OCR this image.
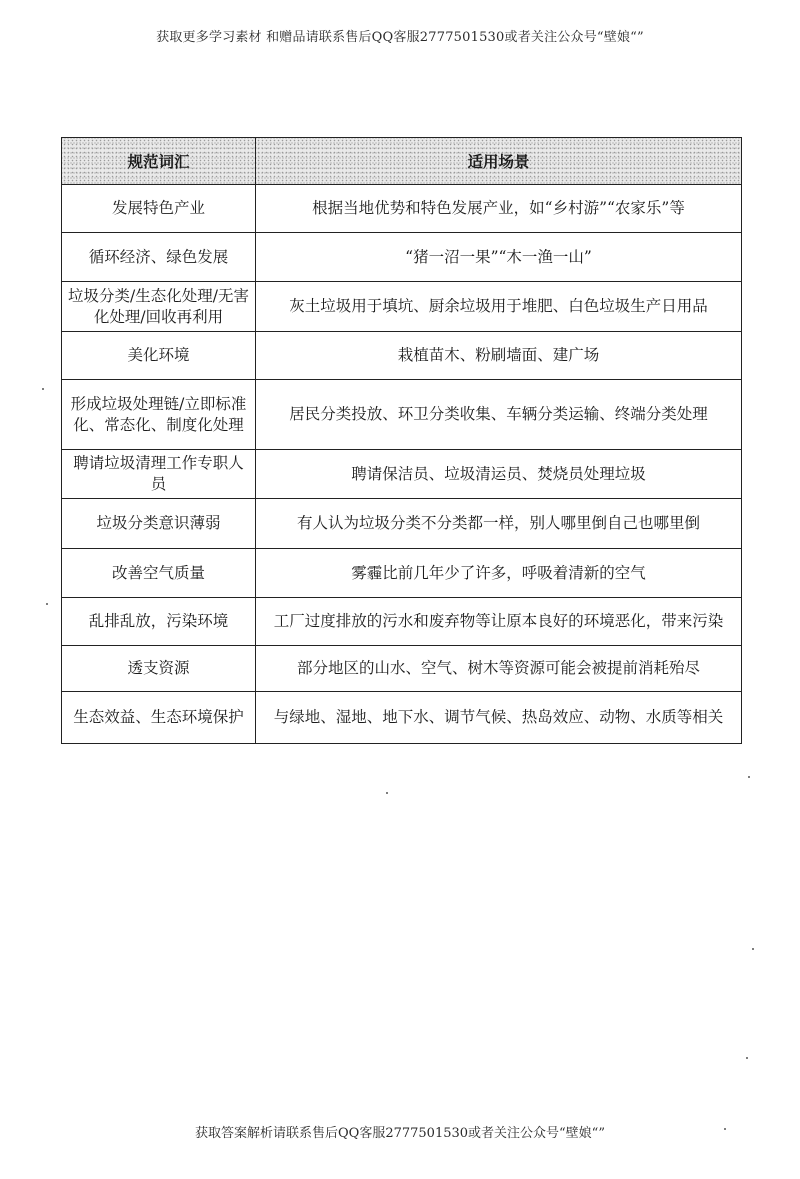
获取更多学习素材 和赠品请联系售后QQ客服2777501530或者关注公众号“壁娘“”
规范词汇	适用场景
发展特色产业	根据当地优势和特色发展产业，如“乡村游”“农家乐”等
循环经济、绿色发展	“猪一沼一果”“木一渔一山”
垃圾分类/生态化处理/无害化处理/回收再利用	灰土垃圾用于填坑、厨余垃圾用于堆肥、白色垃圾生产日用品
美化环境	栽植苗木、粉刷墙面、建广场
形成垃圾处理链/立即标准化、常态化、制度化处理	居民分类投放、环卫分类收集、车辆分类运输、终端分类处理
聘请垃圾清理工作专职人员	聘请保洁员、垃圾清运员、焚烧员处理垃圾
垃圾分类意识薄弱	有人认为垃圾分类不分类都一样，别人哪里倒自己也哪里倒
改善空气质量	雾霾比前几年少了许多，呼吸着清新的空气
乱排乱放，污染环境	工厂过度排放的污水和废弃物等让原本良好的环境恶化，带来污染
透支资源	部分地区的山水、空气、树木等资源可能会被提前消耗殆尽
生态效益、生态环境保护	与绿地、湿地、地下水、调节气候、热岛效应、动物、水质等相关
获取答案解析请联系售后QQ客服2777501530或者关注公众号“壁娘“”
